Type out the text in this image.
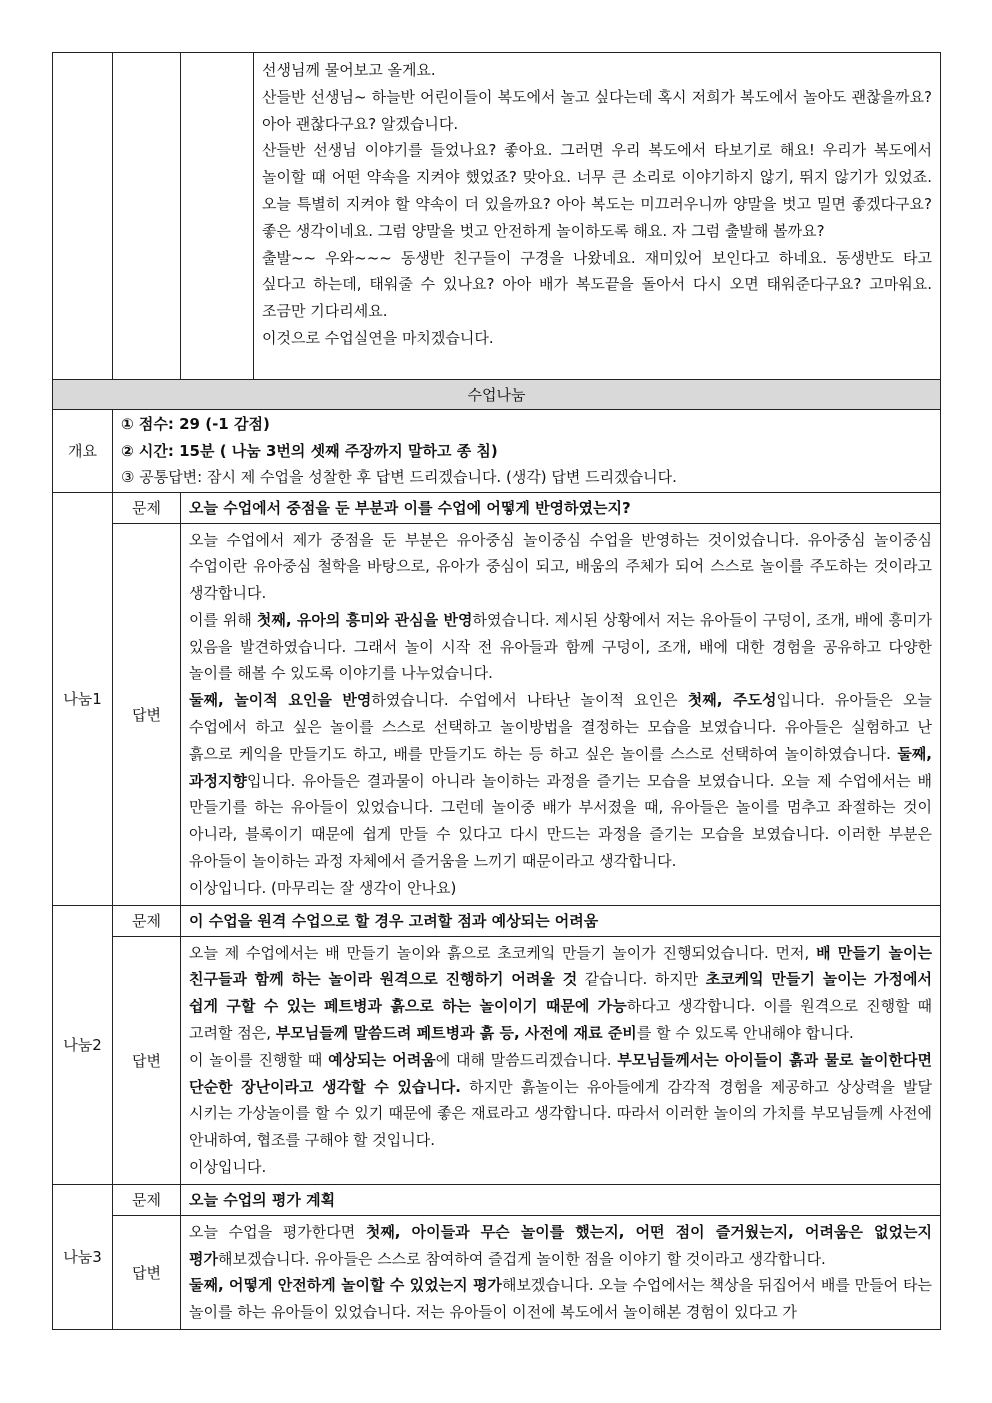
			선생님께 물어보고 올게요.

산들반 선생님~ 하늘반 어린이들이 복도에서 놀고 싶다는데 혹시 저희가 복도에서 놀아도 괜찮을까요? 아아 괜찮다구요? 알겠습니다.

산들반 선생님 이야기를 들었나요? 좋아요. 그러면 우리 복도에서 타보기로 해요! 우리가 복도에서 놀이할 때 어떤 약속을 지켜야 했었죠? 맞아요. 너무 큰 소리로 이야기하지 않기, 뛰지 않기가 있었죠. 오늘 특별히 지켜야 할 약속이 더 있을까요? 아아 복도는 미끄러우니까 양말을 벗고 밀면 좋겠다구요? 좋은 생각이네요. 그럼 양말을 벗고 안전하게 놀이하도록 해요. 자 그럼 출발해 볼까요?

출발~~ 우와~~~ 동생반 친구들이 구경을 나왔네요. 재미있어 보인다고 하네요. 동생반도 타고 싶다고 하는데, 태워줄 수 있나요? 아아 배가 복도끝을 돌아서 다시 오면 태워준다구요? 고마워요. 조금만 기다리세요.

이것으로 수업실연을 마치겠습니다.

수업나눔			
개요	① 점수: 29 (-1 감점)

② 시간: 15분 ( 나눔 3번의 셋째 주장까지 말하고 종 침)

③ 공통답변: 잠시 제 수업을 성찰한 후 답변 드리겠습니다. (생각) 답변 드리겠습니다.		

나눔1	문제	오늘 수업에서 중점을 둔 부분과 이를 수업에 어떻게 반영하였는지?	
	답변	오늘 수업에서 제가 중점을 둔 부분은 유아중심 놀이중심 수업을 반영하는 것이었습니다. 유아중심 놀이중심 수업이란 유아중심 철학을 바탕으로, 유아가 중심이 되고, 배움의 주체가 되어 스스로 놀이를 주도하는 것이라고 생각합니다.

이를 위해 첫째, 유아의 흥미와 관심을 반영하였습니다. 제시된 상황에서 저는 유아들이 구덩이, 조개, 배에 흥미가 있음을 발견하였습니다. 그래서 놀이 시작 전 유아들과 함께 구덩이, 조개, 배에 대한 경험을 공유하고 다양한 놀이를 해볼 수 있도록 이야기를 나누었습니다.

둘째, 놀이적 요인을 반영하였습니다. 수업에서 나타난 놀이적 요인은 첫째, 주도성입니다. 유아들은 오늘 수업에서 하고 싶은 놀이를 스스로 선택하고 놀이방법을 결정하는 모습을 보였습니다. 유아들은 실험하고 난 흙으로 케익을 만들기도 하고, 배를 만들기도 하는 등 하고 싶은 놀이를 스스로 선택하여 놀이하였습니다. 둘째, 과정지향입니다. 유아들은 결과물이 아니라 놀이하는 과정을 즐기는 모습을 보였습니다. 오늘 제 수업에서는 배 만들기를 하는 유아들이 있었습니다. 그런데 놀이중 배가 부서졌을 때, 유아들은 놀이를 멈추고 좌절하는 것이 아니라, 블록이기 때문에 쉽게 만들 수 있다고 다시 만드는 과정을 즐기는 모습을 보였습니다. 이러한 부분은 유아들이 놀이하는 과정 자체에서 즐거움을 느끼기 때문이라고 생각합니다.

이상입니다. (마무리는 잘 생각이 안나요)	

나눔2	문제	이 수업을 원격 수업으로 할 경우 고려할 점과 예상되는 어려움	
	답변	오늘 제 수업에서는 배 만들기 놀이와 흙으로 초코케잌 만들기 놀이가 진행되었습니다. 먼저, 배 만들기 놀이는 친구들과 함께 하는 놀이라 원격으로 진행하기 어려울 것 같습니다. 하지만 초코케잌 만들기 놀이는 가정에서 쉽게 구할 수 있는 페트병과 흙으로 하는 놀이이기 때문에 가능하다고 생각합니다. 이를 원격으로 진행할 때 고려할 점은, 부모님들께 말씀드려 페트병과 흙 등, 사전에 재료 준비를 할 수 있도록 안내해야 합니다.

이 놀이를 진행할 때 예상되는 어려움에 대해 말씀드리겠습니다. 부모님들께서는 아이들이 흙과 물로 놀이한다면 단순한 장난이라고 생각할 수 있습니다. 하지만 흙놀이는 유아들에게 감각적 경험을 제공하고 상상력을 발달 시키는 가상놀이를 할 수 있기 때문에 좋은 재료라고 생각합니다. 따라서 이러한 놀이의 가치를 부모님들께 사전에 안내하여, 협조를 구해야 할 것입니다.

이상입니다.	

나눔3	문제	오늘 수업의 평가 계획	
	답변	오늘 수업을 평가한다면 첫째, 아이들과 무슨 놀이를 했는지, 어떤 점이 즐거웠는지, 어려움은 없었는지 평가해보겠습니다. 유아들은 스스로 참여하여 즐겁게 놀이한 점을 이야기 할 것이라고 생각합니다.

둘째, 어떻게 안전하게 놀이할 수 있었는지 평가해보겠습니다. 오늘 수업에서는 책상을 뒤집어서 배를 만들어 타는 놀이를 하는 유아들이 있었습니다. 저는 유아들이 이전에 복도에서 놀이해본 경험이 있다고 가	
